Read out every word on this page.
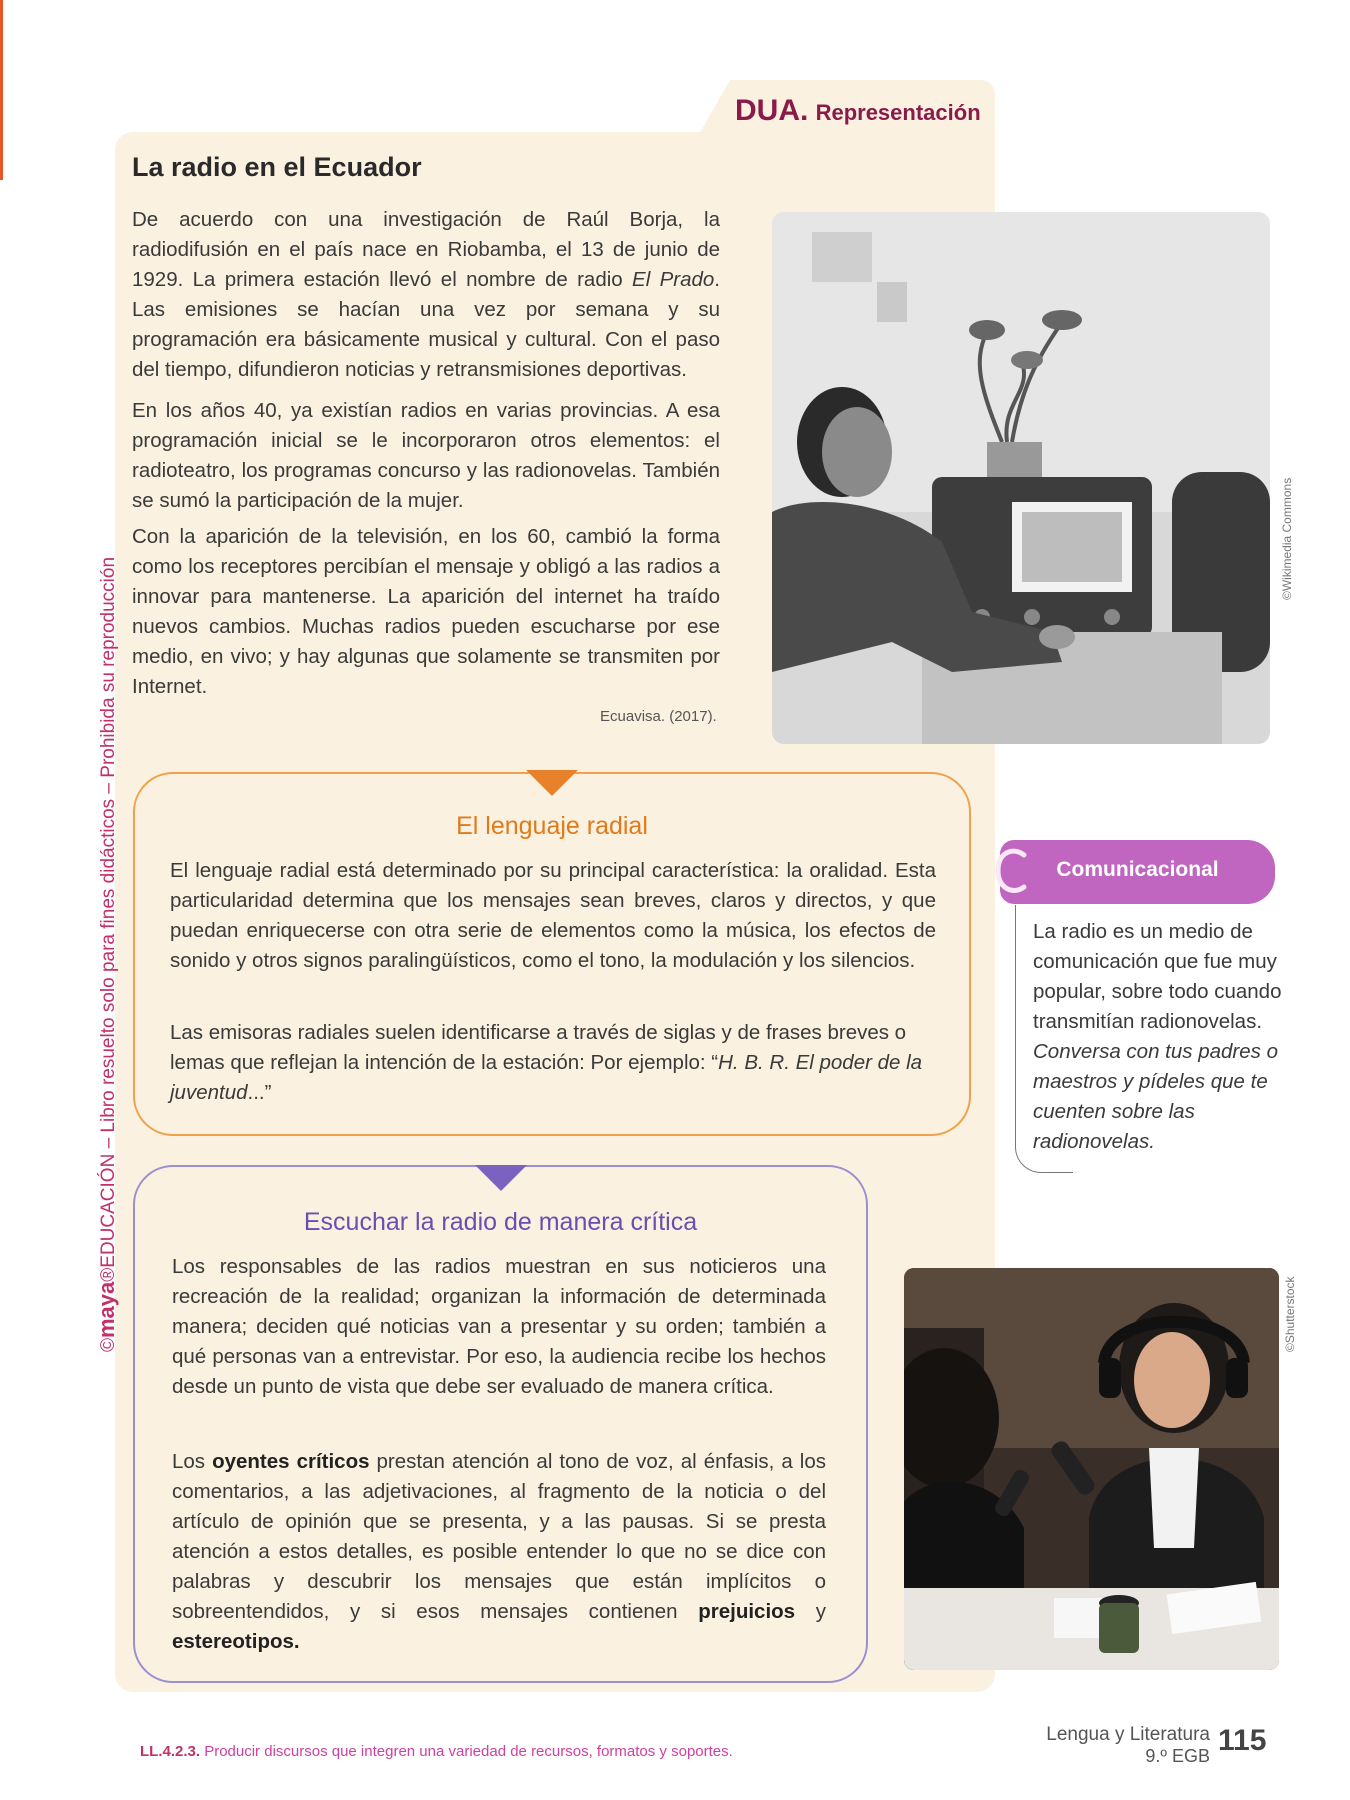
DUA. Representación
La radio en el Ecuador
De acuerdo con una investigación de Raúl Borja, la radiodifusión en el país nace en Riobamba, el 13 de junio de 1929. La primera estación llevó el nombre de radio El Prado. Las emisiones se hacían una vez por semana y su programación era básicamente musical y cultural. Con el paso del tiempo, difundieron noticias y retransmisiones deportivas.
En los años 40, ya existían radios en varias provincias. A esa programación inicial se le incorporaron otros elementos: el radioteatro, los programas concurso y las radionovelas. También se sumó la participación de la mujer.
Con la aparición de la televisión, en los 60, cambió la forma como los receptores percibían el mensaje y obligó a las radios a innovar para mantenerse. La aparición del internet ha traído nuevos cambios. Muchas radios pueden escucharse por ese medio, en vivo; y hay algunas que solamente se transmiten por Internet.
Ecuavisa. (2017).
©Wikimedia Commons
El lenguaje radial
El lenguaje radial está determinado por su principal característica: la oralidad. Esta particularidad determina que los mensajes sean breves, claros y directos, y que puedan enriquecerse con otra serie de elementos como la música, los efectos de sonido y otros signos paralingüísticos, como el tono, la modulación y los silencios.
Las emisoras radiales suelen identificarse a través de siglas y de frases breves o lemas que reflejan la intención de la estación: Por ejemplo: “H. B. R. El poder de la juventud...”
Escuchar la radio de manera crítica
Los responsables de las radios muestran en sus noticieros una recreación de la realidad; organizan la información de determinada manera; deciden qué noticias van a presentar y su orden; también a qué personas van a entrevistar. Por eso, la audiencia recibe los hechos desde un punto de vista que debe ser evaluado de manera crítica.
Los oyentes críticos prestan atención al tono de voz, al énfasis, a los comentarios, a las adjetivaciones, al fragmento de la noticia o del artículo de opinión que se presenta, y a las pausas. Si se presta atención a estos detalles, es posible entender lo que no se dice con palabras y descubrir los mensajes que están implícitos o sobreentendidos, y si esos mensajes contienen prejuicios y estereotipos.
Comunicacional
La radio es un medio de comunicación que fue muy popular, sobre todo cuando transmitían radionovelas. Conversa con tus padres o maestros y pídeles que te cuenten sobre las radionovelas.
©Shutterstock
©maya®EDUCACIÓN – Libro resuelto solo para fines didácticos – Prohibida su reproducción
LL.4.2.3. Producir discursos que integren una variedad de recursos, formatos y soportes.
Lengua y Literatura
9.º EGB 115
